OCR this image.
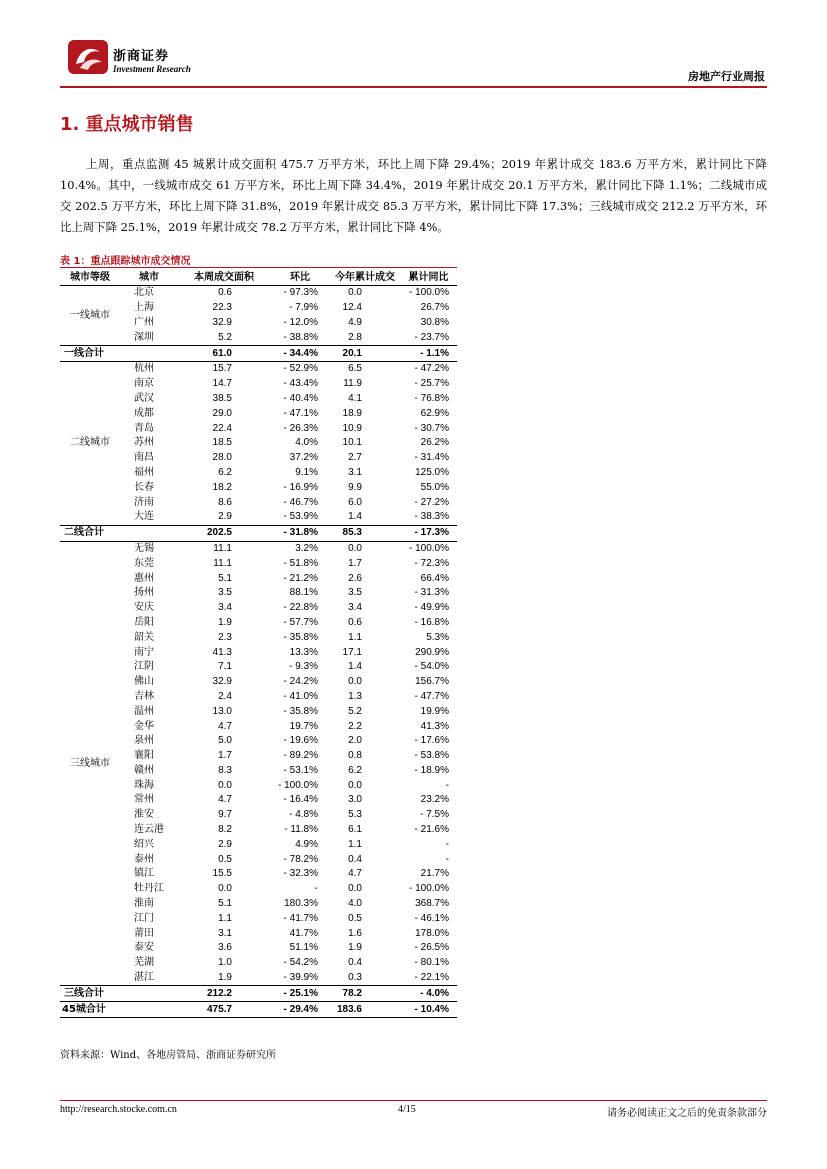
浙商证券
Investment Research
房地产行业周报
1. 重点城市销售

上周，重点监测 45 城累计成交面积 475.7 万平方米，环比上周下降 29.4%；2019 年累计成交 183.6 万平方米，累计同比下降 10.4%。其中，一线城市成交 61 万平方米，环比上周下降 34.4%，2019 年累计成交 20.1 万平方米，累计同比下降 1.1%；二线城市成交 202.5 万平方米，环比上周下降 31.8%，2019 年累计成交 85.3 万平方米，累计同比下降 17.3%；三线城市成交 212.2 万平方米，环比上周下降 25.1%，2019 年累计成交 78.2 万平方米，累计同比下降 4%。

表 1：重点跟踪城市成交情况
城市等级	城市	本周成交面积	环比	今年累计成交	累计同比
一线城市	北京	0.6	- 97.3%	0.0	- 100.0%
	上海	22.3	- 7.9%	12.4	26.7%
	广州	32.9	- 12.0%	4.9	30.8%
	深圳	5.2	- 38.8%	2.8	- 23.7%
一线合计		61.0	- 34.4%	20.1	- 1.1%
二线城市	杭州	15.7	- 52.9%	6.5	- 47.2%
	南京	14.7	- 43.4%	11.9	- 25.7%
	武汉	38.5	- 40.4%	4.1	- 76.8%
	成都	29.0	- 47.1%	18.9	62.9%
	青岛	22.4	- 26.3%	10.9	- 30.7%
	苏州	18.5	4.0%	10.1	26.2%
	南昌	28.0	37.2%	2.7	- 31.4%
	福州	6.2	9.1%	3.1	125.0%
	长春	18.2	- 16.9%	9.9	55.0%
	济南	8.6	- 46.7%	6.0	- 27.2%
	大连	2.9	- 53.9%	1.4	- 38.3%
二线合计		202.5	- 31.8%	85.3	- 17.3%
三线城市	无锡	11.1	3.2%	0.0	- 100.0%
	东莞	11.1	- 51.8%	1.7	- 72.3%
	惠州	5.1	- 21.2%	2.6	66.4%
	扬州	3.5	88.1%	3.5	- 31.3%
	安庆	3.4	- 22.8%	3.4	- 49.9%
	岳阳	1.9	- 57.7%	0.6	- 16.8%
	韶关	2.3	- 35.8%	1.1	5.3%
	南宁	41.3	13.3%	17.1	290.9%
	江阴	7.1	- 9.3%	1.4	- 54.0%
	佛山	32.9	- 24.2%	0.0	156.7%
	吉林	2.4	- 41.0%	1.3	- 47.7%
	温州	13.0	- 35.8%	5.2	19.9%
	金华	4.7	19.7%	2.2	41.3%
	泉州	5.0	- 19.6%	2.0	- 17.6%
	襄阳	1.7	- 89.2%	0.8	- 53.8%
	赣州	8.3	- 53.1%	6.2	- 18.9%
	珠海	0.0	- 100.0%	0.0	-
	常州	4.7	- 16.4%	3.0	23.2%
	淮安	9.7	- 4.8%	5.3	- 7.5%
	连云港	8.2	- 11.8%	6.1	- 21.6%
	绍兴	2.9	4.9%	1.1	-
	泰州	0.5	- 78.2%	0.4	-
	镇江	15.5	- 32.3%	4.7	21.7%
	牡丹江	0.0	-	0.0	- 100.0%
	淮南	5.1	180.3%	4.0	368.7%
	江门	1.1	- 41.7%	0.5	- 46.1%
	莆田	3.1	41.7%	1.6	178.0%
	泰安	3.6	51.1%	1.9	- 26.5%
	芜湖	1.0	- 54.2%	0.4	- 80.1%
	湛江	1.9	- 39.9%	0.3	- 22.1%
三线合计		212.2	- 25.1%	78.2	- 4.0%
45城合计		475.7	- 29.4%	183.6	- 10.4%
资料来源：Wind、各地房管局、浙商证券研究所
http://research.stocke.com.cn	4/15	请务必阅读正文之后的免责条款部分
